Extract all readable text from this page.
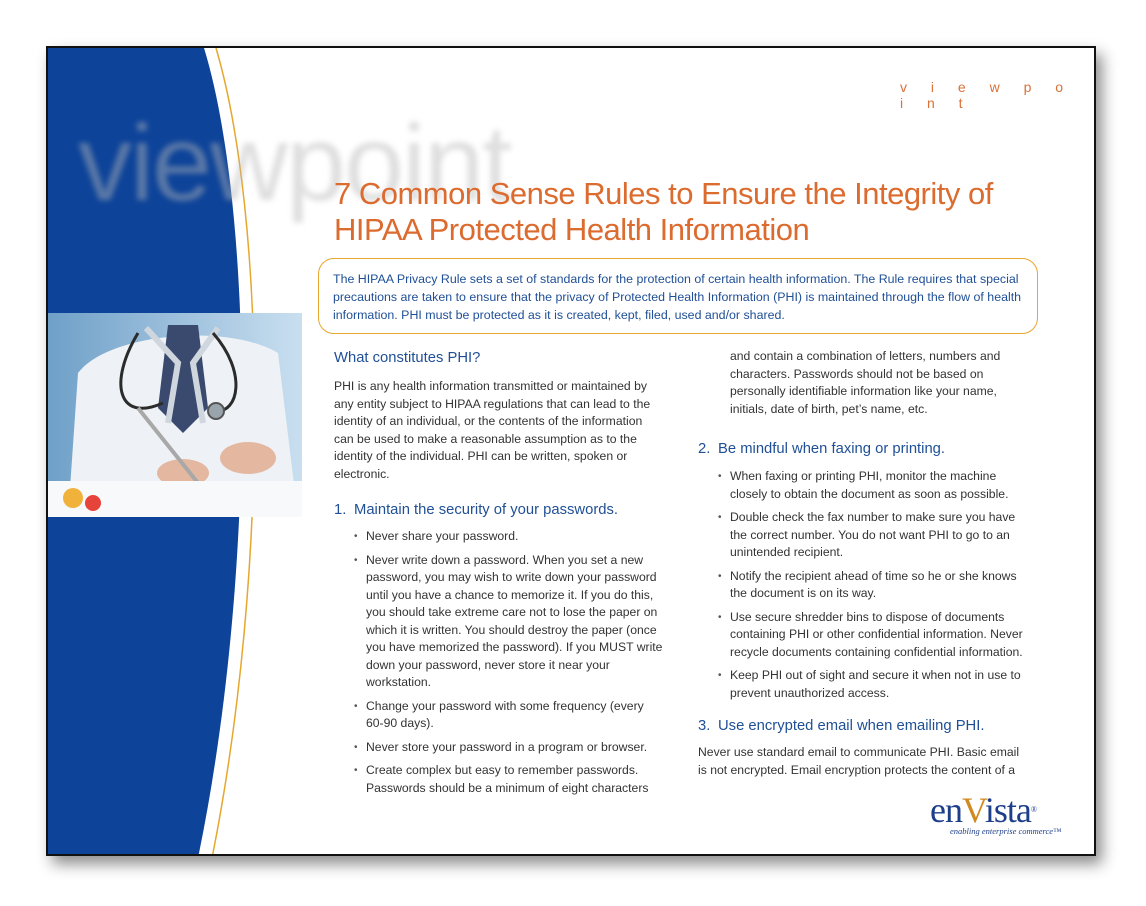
viewpoint
v i e w p o i n t
7 Common Sense Rules to Ensure the Integrity of HIPAA Protected Health Information
The HIPAA Privacy Rule sets a set of standards for the protection of certain health information. The Rule requires that special precautions are taken to ensure that the privacy of Protected Health Information (PHI) is maintained through the flow of health information. PHI must be protected as it is created, kept, filed, used and/or shared.
What constitutes PHI?

PHI is any health information transmitted or maintained by any entity subject to HIPAA regulations that can lead to the identity of an individual, or the contents of the information can be used to make a reasonable assumption as to the identity of the individual. PHI can be written, spoken or electronic.

1. Maintain the security of your passwords.
• Never share your password.
• Never write down a password. When you set a new password, you may wish to write down your password until you have a chance to memorize it. If you do this, you should take extreme care not to lose the paper on which it is written. You should destroy the paper (once you have memorized the password). If you MUST write down your password, never store it near your workstation.
• Change your password with some frequency (every 60-90 days).
• Never store your password in a program or browser.
• Create complex but easy to remember passwords. Passwords should be a minimum of eight characters

and contain a combination of letters, numbers and characters. Passwords should not be based on personally identifiable information like your name, initials, date of birth, pet’s name, etc.

2. Be mindful when faxing or printing.
• When faxing or printing PHI, monitor the machine closely to obtain the document as soon as possible.
• Double check the fax number to make sure you have the correct number. You do not want PHI to go to an unintended recipient.
• Notify the recipient ahead of time so he or she knows the document is on its way.
• Use secure shredder bins to dispose of documents containing PHI or other confidential information. Never recycle documents containing confidential information.
• Keep PHI out of sight and secure it when not in use to prevent unauthorized access.
3. Use encrypted email when emailing PHI.

Never use standard email to communicate PHI. Basic email is not encrypted. Email encryption protects the content of a

enVista®
enabling enterprise commerce™
